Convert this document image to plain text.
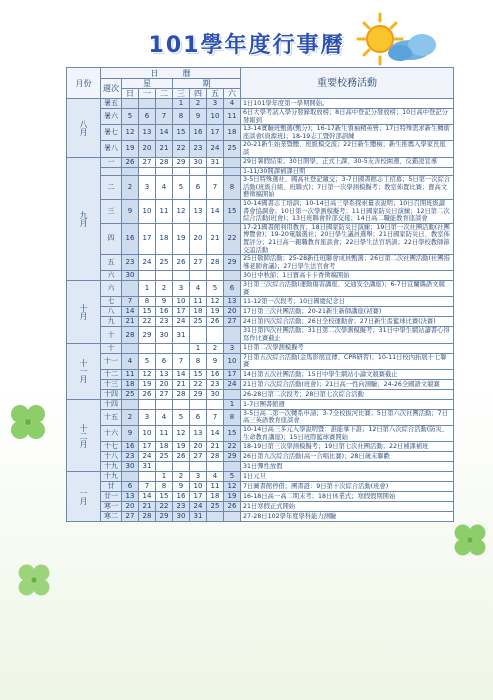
101學年度行事曆
月份	日　　　曆								重要校務活動
	週次	星			期				
		日	一	二	三	四	五	六	
八月	暑五				1	2	3	4	1日101學年度第一學期開始。
	暑六	5	6	7	8	9	10	11	6日大學考試入學分發錄取放榜；8日高中登記分發放榜；10日高中登記分發報到
	暑七	12	13	14	15	16	17	18	13-14實驗班甄選(甄分)；16-17新生領袖精英營；17日特殊需求新生轉銜座談會(資源班)；18-19志工暨幹部訓練
	暑八	19	20	21	22	23	24	25	20-21新生始業暨體、班級模交流；22日新生體檢；新生推薦入學家長座談
九月	一	26	27	28	29	30	31		29日暑假結束；30日開學、正式上課、30-5友善校園週、反霸凌宣導
									1-11/30開課補課日期
	二	2	3	4	5	6	7	8	3-5日特殊選社、國高社登記繳交；3-7日國書館志工招募；5日第一次綜合活動(班級自組、班聯式)；7日第一次學測模擬考；教室佈置比賽；寶高文藝徵稿開始
	三	9	10	11	12	13	14	15	10-14國書志工培訓；10-14日高三學系探索量表說明；10日召開班級讀書會協調會；10日第一次學測模擬考；11日國家防災日演練；12日第二次綜合活動(班會)；13日班聯會幹部交接；14日高二職能教育座談會
	四	16	17	18	19	20	21	22	17-21國書館利用教育；18日國家防災日演練；19日第一次社團活動(社團博覽會)；19-20電腦選社；20日學生議員選舉；21日國家防災日、教室佈置評分；21日高一親職教育座談會；22日學生法官培訓；22日學校教師節交誼活動
	五	23	24	25	26	27	28	29	25日敬師活動；25-28新任班聯會成員甄選；26日第二次社團活動(社團指導老師會議)；27日學生法官會考
	六	30							30日中秋節；1日寶高卡卡香徵稿開始
十月	六		1	2	3	4	5	6	3日第三次綜合活動(運動傷害講座、交通安全講座)；6-7日宜蘭縣語文競賽
	七	7	8	9	10	11	12	13	11-12第一次段考；10日國慶紀念日
	八	14	15	16	17	18	19	20	17日第三次社團活動；20-21新生新師講座(初賽)
	九	21	22	23	24	25	26	27	24日第四次綜合活動；26日全校運動會；27日新生盃籃球比賽(決賽)
	十	28	29	30	31				31日第四次社團活動；31日第二次學測模擬考；31日中學生網站讀書心得寫作比賽截止
十一月	十					1	2	3	1日第二次學測模擬考
	十一	4	5	6	7	8	9	10	7日第五次綜合活動(金馬影展宣傳、CPR研習)；10-11日校內拓展十七聯賽
	十二	11	12	13	14	15	16	17	14日第五次社團活動；15日中學生網站小論文競賽截止
	十三	18	19	20	21	22	23	24	21日第六次綜合活動(班會)；21日高一性向測驗；24-26全國語文競賽
	十四	25	26	27	28	29	30		26-28日第二次段考；28日第七次綜合活動
十二月	十四							1	1-7日團書館週
	十五	2	3	4	5	6	7	8	3-5日高二第一次轉系申請；3-7全校拔河比賽；5日第六次社團活動；7日高三英語教育座談會
	十六	9	10	11	12	13	14	15	10-14日高三多元入學說明暨：誰能拿下誰；12日第八次綜合活動(防災、生命教育講座)；15日班際籃球賽開始
	十七	16	17	18	19	20	21	22	18-19日第三次學測模擬考；19日第七次社團活動；22日補課補班
	十八	23	24	25	26	27	28	29	26日第九次綜合活動(高一合唱比賽)；28日歲末聯歡
	十九	30	31						31日彈性放假
一月	十九			1	2	3	4	5	1日元旦
	廿	6	7	8	9	10	11	12	7日圖書館停借；團書證：9日第十次綜合活動(班會)
	廿一	13	14	15	16	17	18	19	16-18日高一高二期末考；18日休業式；寒假假期開始
	寒一	20	21	22	23	24	25	26	21日寒假正式開始
	寒二	27	28	29	30	31			27-28日102學年度學科能力測驗
